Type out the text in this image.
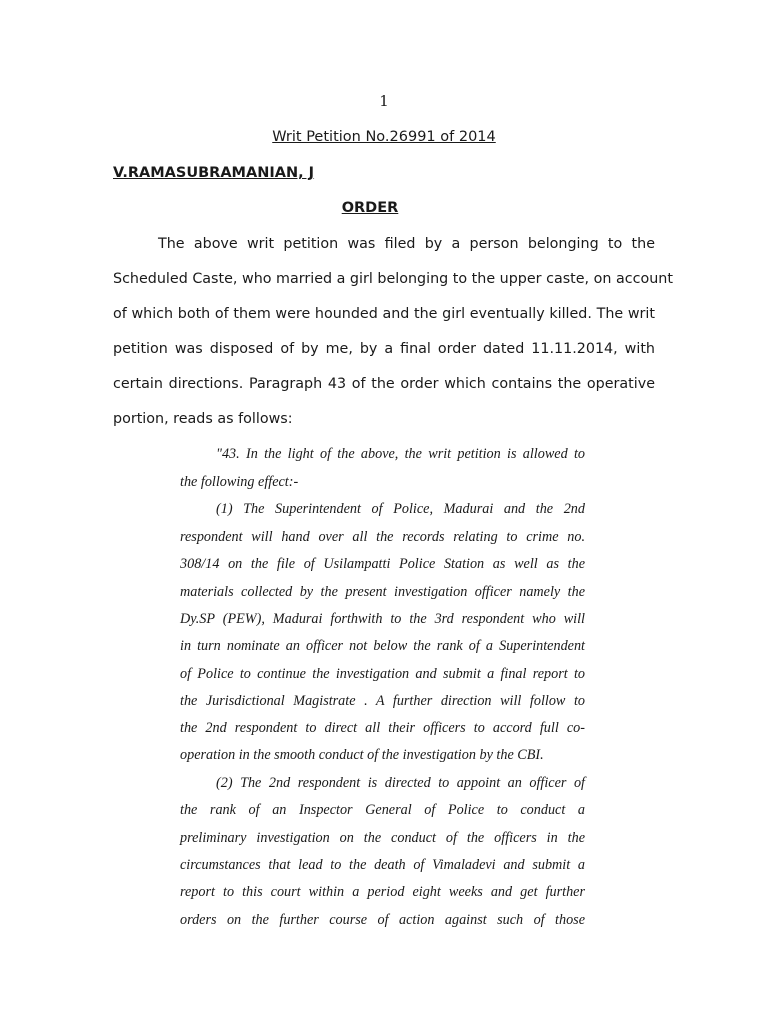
1
Writ Petition No.26991 of 2014
V.RAMASUBRAMANIAN, J
ORDER
The above writ petition was filed by a person belonging to the
Scheduled Caste, who married a girl belonging to the upper caste, on account
of which both of them were hounded and the girl eventually killed. The writ
petition was disposed of by me, by a final order dated 11.11.2014, with
certain directions. Paragraph 43 of the order which contains the operative
portion, reads as follows:
"43. In the light of the above, the writ petition is allowed to
the following effect:-
(1) The Superintendent of Police, Madurai and the 2nd
respondent will hand over all the records relating to crime no.
308/14 on the file of Usilampatti Police Station as well as the
materials collected by the present investigation officer namely the
Dy.SP (PEW), Madurai forthwith to the 3rd respondent who will
in turn nominate an officer not below the rank of a Superintendent
of Police to continue the investigation and submit a final report to
the Jurisdictional Magistrate . A further direction will follow to
the 2nd respondent to direct all their officers to accord full co-
operation in the smooth conduct of the investigation by the CBI.
(2) The 2nd respondent is directed to appoint an officer of
the rank of an Inspector General of Police to conduct a
preliminary investigation on the conduct of the officers in the
circumstances that lead to the death of Vimaladevi and submit a
report to this court within a period eight weeks and get further
orders on the further course of action against such of those
